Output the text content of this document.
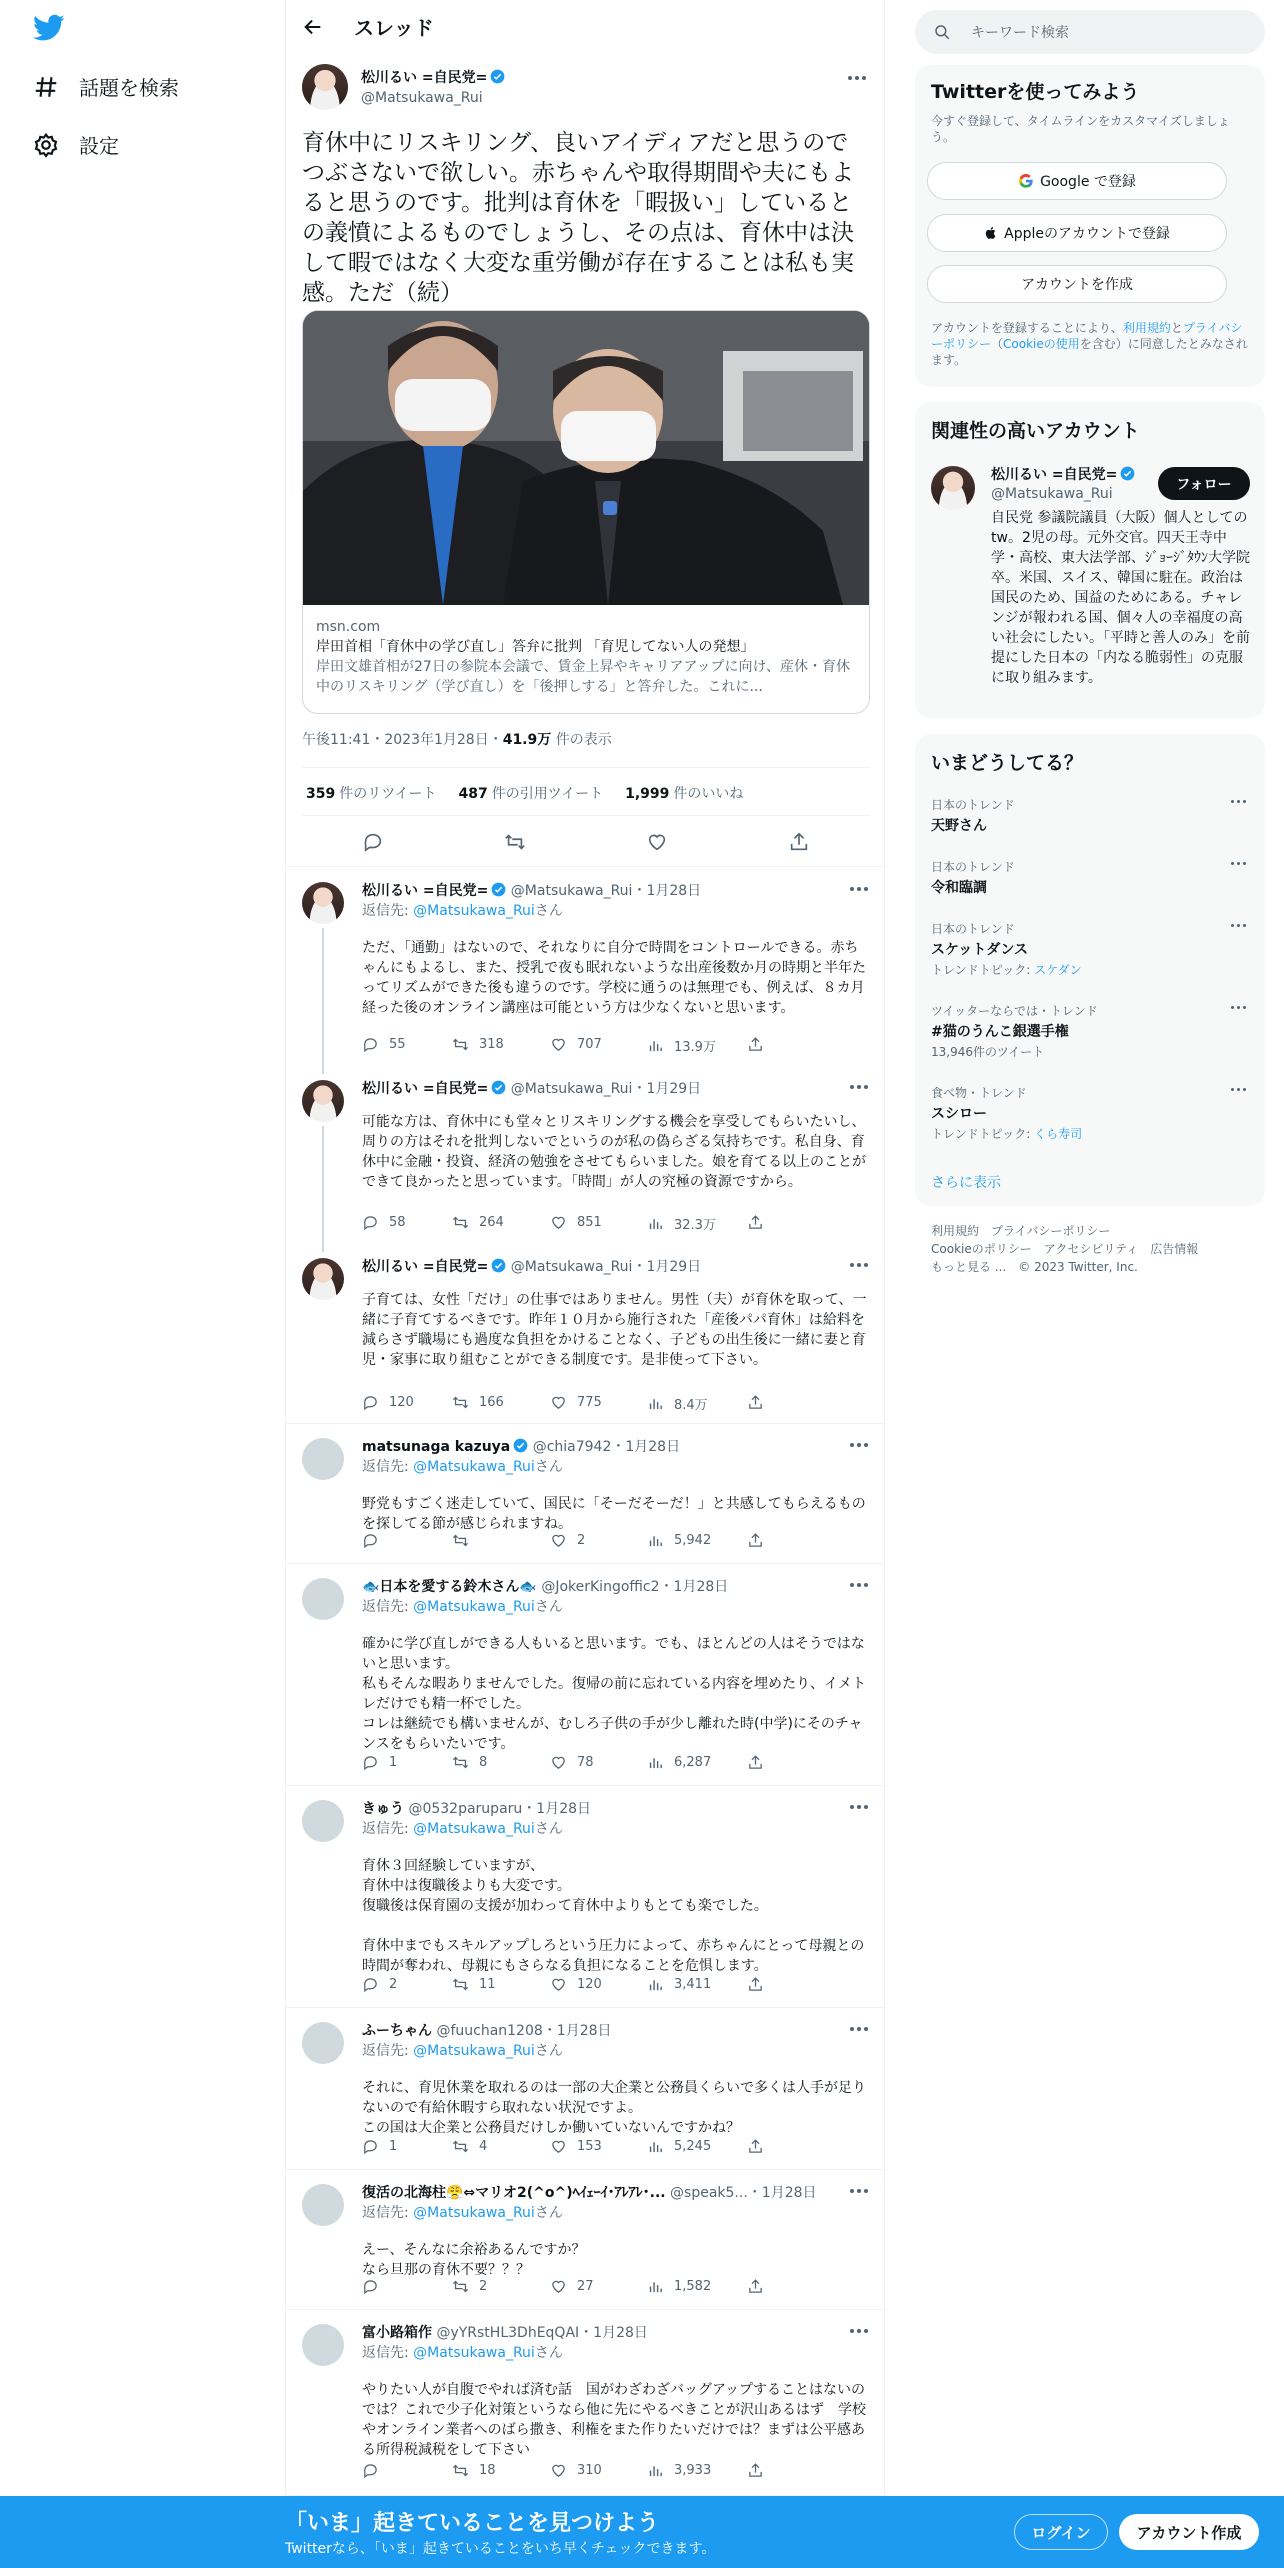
話題を検索
設定
スレッド
松川るい =自民党=
@Matsukawa_Rui
育休中にリスキリング、良いアイディアだと思うのでつぶさないで欲しい。赤ちゃんや取得期間や夫にもよると思うのです。批判は育休を「暇扱い」しているとの義憤によるものでしょうし、その点は、育休中は決して暇ではなく大変な重労働が存在することは私も実感。ただ（続）
msn.com
岸田首相「育休中の学び直し」答弁に批判 「育児してない人の発想」
岸田文雄首相が27日の参院本会議で、賃金上昇やキャリアアップに向け、産休・育休中のリスキリング（学び直し）を「後押しする」と答弁した。これに...
午後11:41・2023年1月28日・41.9万 件の表示
359 件のリツイート 487 件の引用ツイート 1,999 件のいいね
松川るい =自民党= @Matsukawa_Rui・1月28日
返信先: @Matsukawa_Ruiさん
ただ、「通勤」はないので、それなりに自分で時間をコントロールできる。赤ちゃんにもよるし、また、授乳で夜も眠れないような出産後数か月の時期と半年たってリズムができた後も違うのです。学校に通うのは無理でも、例えば、８カ月経った後のオンライン講座は可能という方は少なくないと思います。
55	318	707	13.9万
松川るい =自民党= @Matsukawa_Rui・1月29日
可能な方は、育休中にも堂々とリスキリングする機会を享受してもらいたいし、周りの方はそれを批判しないでというのが私の偽らざる気持ちです。私自身、育休中に金融・投資、経済の勉強をさせてもらいました。娘を育てる以上のことができて良かったと思っています。「時間」が人の究極の資源ですから。
58	264	851	32.3万
松川るい =自民党= @Matsukawa_Rui・1月29日
子育ては、女性「だけ」の仕事ではありません。男性（夫）が育休を取って、一緒に子育てするべきです。昨年１０月から施行された「産後パパ育休」は給料を減らさず職場にも過度な負担をかけることなく、子どもの出生後に一緒に妻と育児・家事に取り組むことができる制度です。是非使って下さい。
120	166	775	8.4万
matsunaga kazuya @chia7942・1月28日
返信先: @Matsukawa_Ruiさん
野党もすごく迷走していて、国民に「そーだそーだ！」と共感してもらえるものを探してる節が感じられますね。
2	5,942
🐟日本を愛する鈴木さん🐟 @JokerKingoffic2・1月28日
返信先: @Matsukawa_Ruiさん
確かに学び直しができる人もいると思います。でも、ほとんどの人はそうではないと思います。
私もそんな暇ありませんでした。復帰の前に忘れている内容を埋めたり、イメトレだけでも精一杯でした。
コレは継続でも構いませんが、むしろ子供の手が少し離れた時(中学)にそのチャンスをもらいたいです。
1	8	78	6,287
きゅう @0532paruparu・1月28日
返信先: @Matsukawa_Ruiさん
育休３回経験していますが、
育休中は復職後よりも大変です。
復職後は保育園の支援が加わって育休中よりもとても楽でした。

育休中までもスキルアップしろという圧力によって、赤ちゃんにとって母親との時間が奪われ、母親にもさらなる負担になることを危惧します。
2	11	120	3,411
ふーちゃん @fuuchan1208・1月28日
返信先: @Matsukawa_Ruiさん
それに、育児休業を取れるのは一部の大企業と公務員くらいで多くは人手が足りないので有給休暇すら取れない状況ですよ。
この国は大企業と公務員だけしか働いていないんですかね？
1	4	153	5,245
復活の北海柱😤⇔マリオ2(^o^)ﾍｲｪｰｲ･ｱﾚｱﾚ･... @speak5...・1月28日
返信先: @Matsukawa_Ruiさん
えー、そんなに余裕あるんですか？
なら旦那の育休不要？？？
2	27	1,582
富小路箱作 @yYRstHL3DhEqQAI・1月28日
返信先: @Matsukawa_Ruiさん
やりたい人が自腹でやれば済む話　国がわざわざバッグアップすることはないのでは？これで少子化対策というなら他に先にやるべきことが沢山あるはず　学校やオンライン業者へのばら撒き、利権をまた作りたいだけでは？まずは公平感ある所得税減税をして下さい
18	310	3,933
キーワード検索
Twitterを使ってみよう
今すぐ登録して、タイムラインをカスタマイズしましょう。
Google で登録
Appleのアカウントで登録
アカウントを作成
アカウントを登録することにより、利用規約とプライバシーポリシー（Cookieの使用を含む）に同意したとみなされます。
関連性の高いアカウント
松川るい =自民党=
@Matsukawa_Rui
フォロー
自民党 参議院議員（大阪）個人としてのtw。2児の母。元外交官。四天王寺中学・高校、東大法学部、ｼﾞｮｰｼﾞﾀｳﾝ大学院卒。米国、スイス、韓国に駐在。政治は国民のため、国益のためにある。チャレンジが報われる国、個々人の幸福度の高い社会にしたい。「平時と善人のみ」を前提にした日本の「内なる脆弱性」の克服に取り組みます。
いまどうしてる？
日本のトレンド
天野さん
日本のトレンド
令和臨調
日本のトレンド
スケットダンス
トレンドトピック: スケダン
ツイッターならでは・トレンド
#猫のうんこ銀選手権
13,946件のツイート
食べ物・トレンド
スシロー
トレンドトピック: くら寿司
さらに表示
利用規約　 プライバシーポリシー
Cookieのポリシー　 アクセシビリティ　 広告情報
もっと見る ...　 © 2023 Twitter, Inc.
「いま」起きていることを見つけよう
Twitterなら、「いま」起きていることをいち早くチェックできます。
ログイン	アカウント作成
